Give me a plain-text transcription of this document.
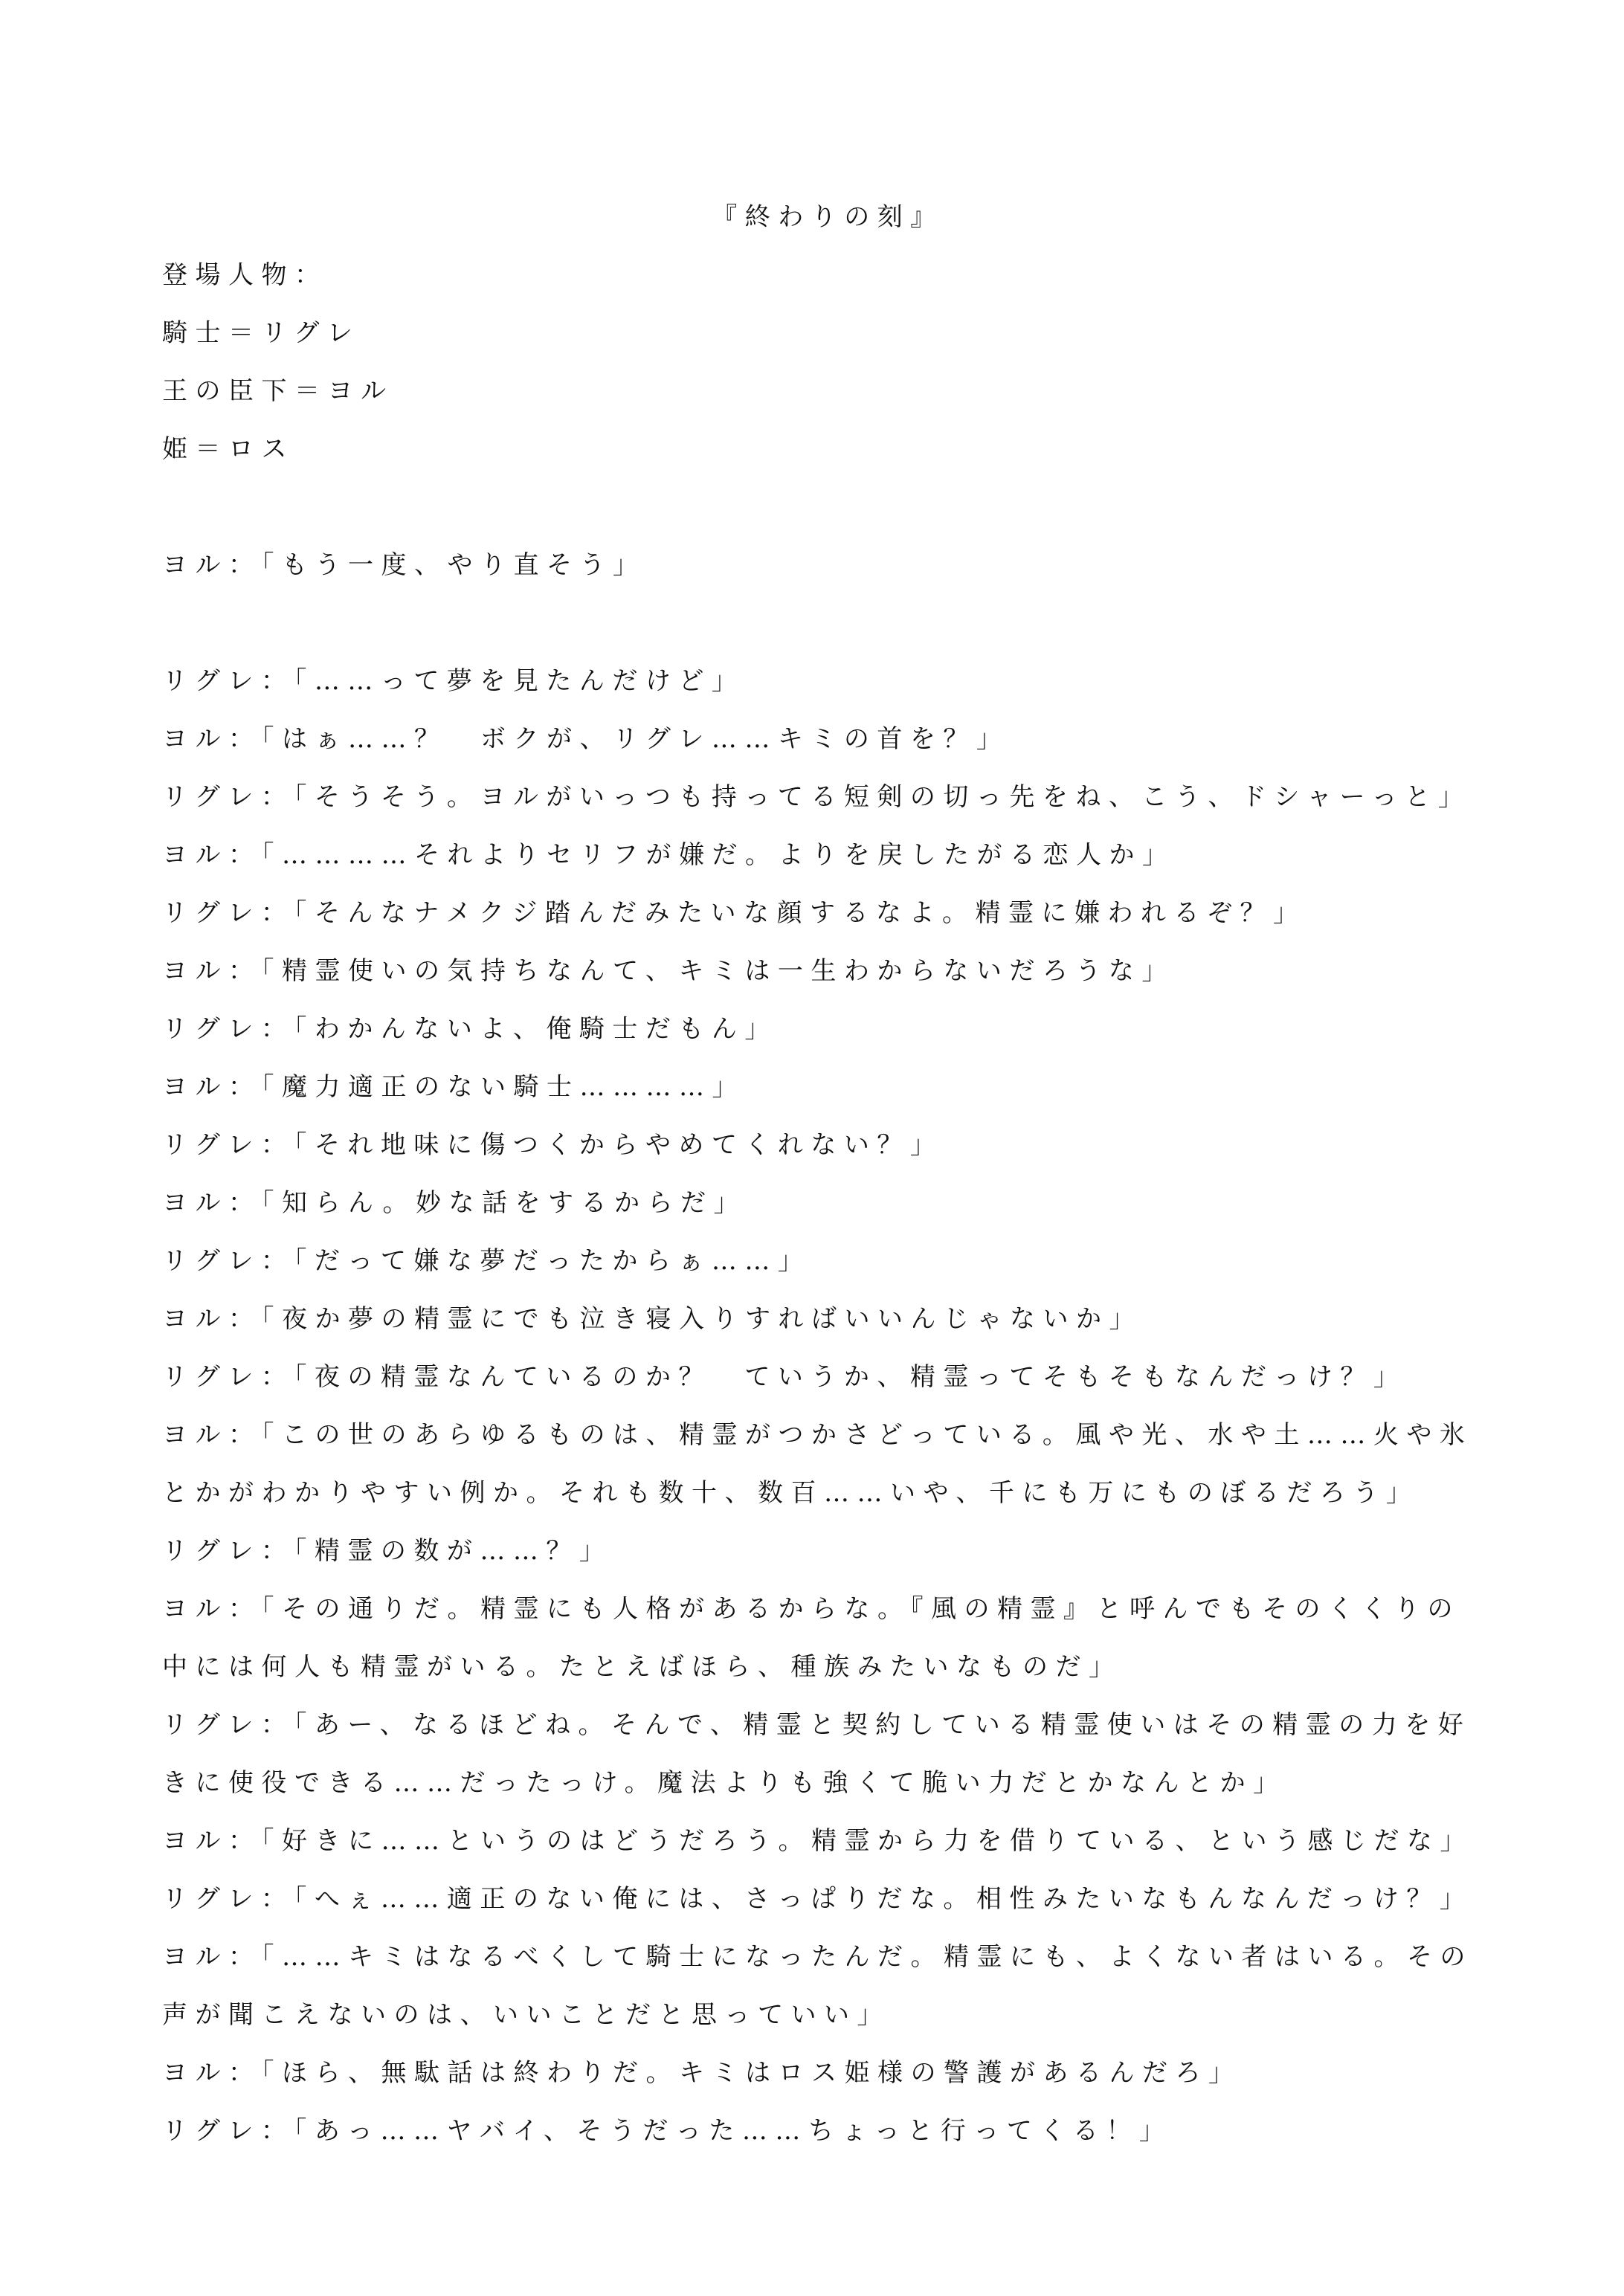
『終わりの刻』
登場人物：
騎士＝リグレ
王の臣下＝ヨル
姫＝ロス
ヨル：「もう一度、やり直そう」
リグレ：「……って夢を見たんだけど」
ヨル：「はぁ……？　ボクが、リグレ……キミの首を？」
リグレ：「そうそう。ヨルがいっつも持ってる短剣の切っ先をね、こう、ドシャーっと」
ヨル：「…………それよりセリフが嫌だ。よりを戻したがる恋人か」
リグレ：「そんなナメクジ踏んだみたいな顔するなよ。精霊に嫌われるぞ？」
ヨル：「精霊使いの気持ちなんて、キミは一生わからないだろうな」
リグレ：「わかんないよ、俺騎士だもん」
ヨル：「魔力適正のない騎士…………」
リグレ：「それ地味に傷つくからやめてくれない？」
ヨル：「知らん。妙な話をするからだ」
リグレ：「だって嫌な夢だったからぁ……」
ヨル：「夜か夢の精霊にでも泣き寝入りすればいいんじゃないか」
リグレ：「夜の精霊なんているのか？　ていうか、精霊ってそもそもなんだっけ？」
ヨル：「この世のあらゆるものは、精霊がつかさどっている。風や光、水や土……火や氷
とかがわかりやすい例か。それも数十、数百……いや、千にも万にものぼるだろう」
リグレ：「精霊の数が……？」
ヨル：「その通りだ。精霊にも人格があるからな。『風の精霊』と呼んでもそのくくりの
中には何人も精霊がいる。たとえばほら、種族みたいなものだ」
リグレ：「あー、なるほどね。そんで、精霊と契約している精霊使いはその精霊の力を好
きに使役できる……だったっけ。魔法よりも強くて脆い力だとかなんとか」
ヨル：「好きに……というのはどうだろう。精霊から力を借りている、という感じだな」
リグレ：「へぇ……適正のない俺には、さっぱりだな。相性みたいなもんなんだっけ？」
ヨル：「……キミはなるべくして騎士になったんだ。精霊にも、よくない者はいる。その
声が聞こえないのは、いいことだと思っていい」
ヨル：「ほら、無駄話は終わりだ。キミはロス姫様の警護があるんだろ」
リグレ：「あっ……ヤバイ、そうだった……ちょっと行ってくる！」
